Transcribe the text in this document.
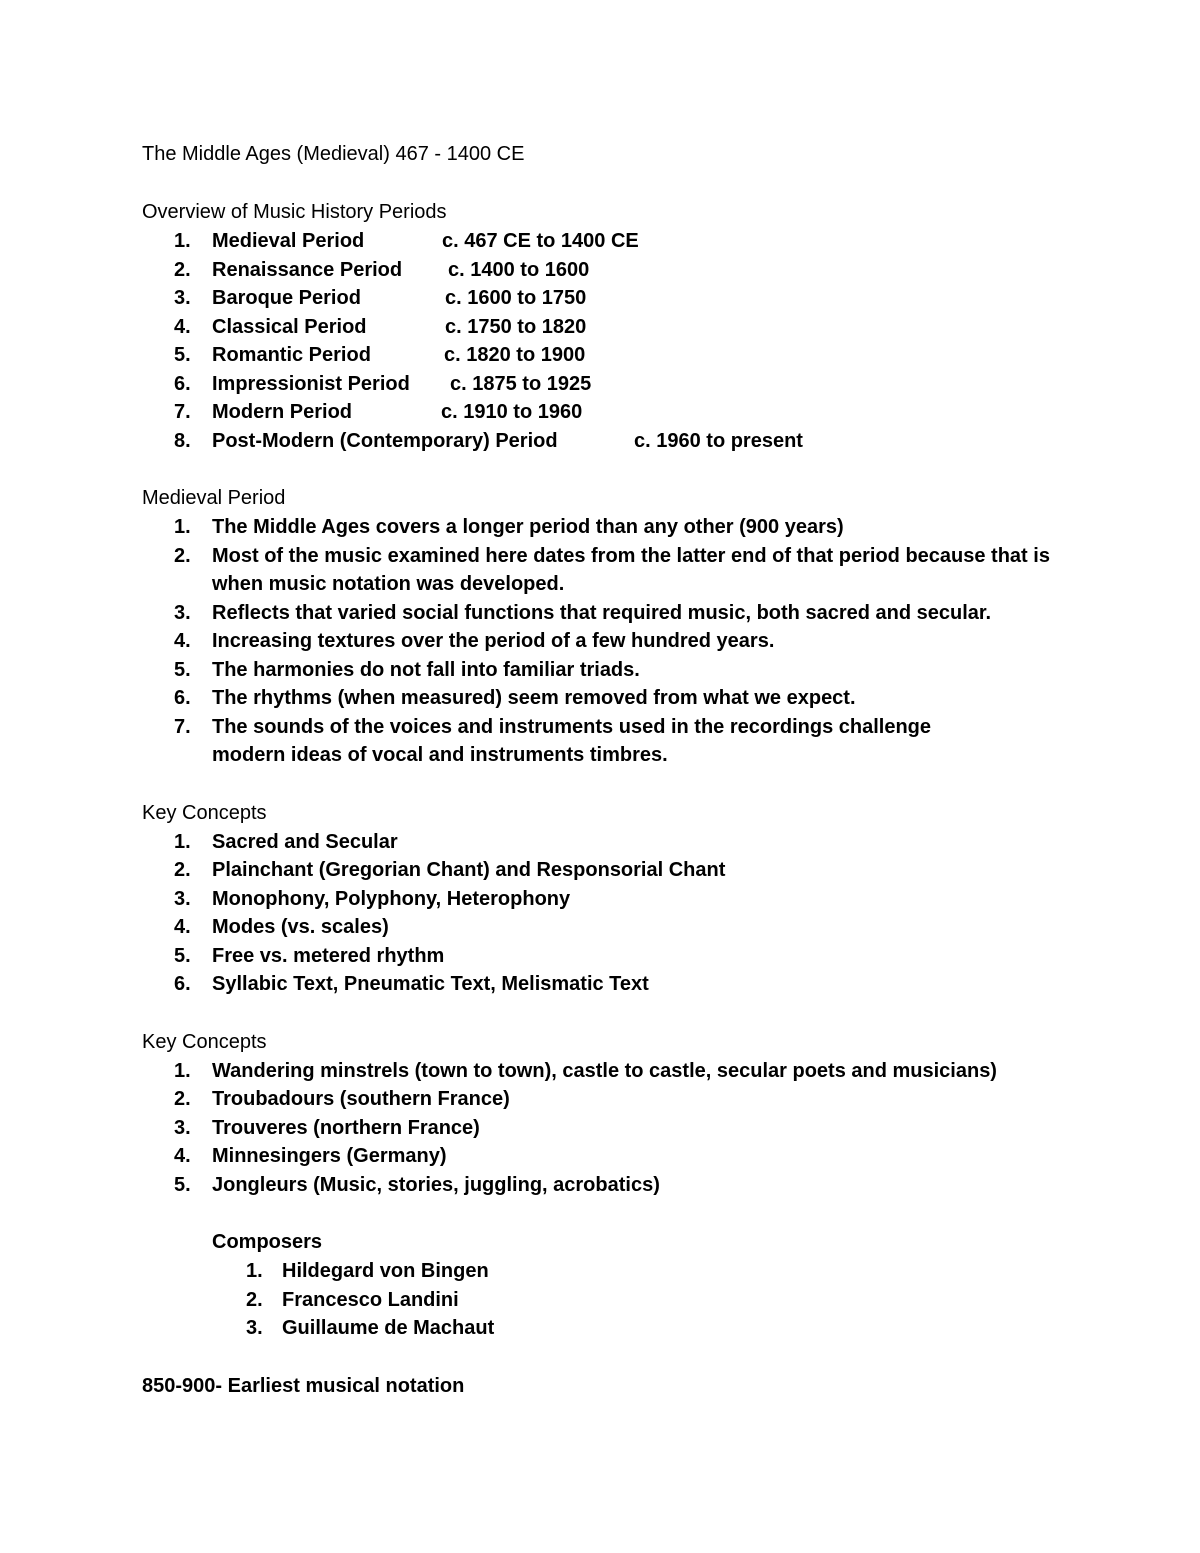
The Middle Ages (Medieval) 467 - 1400 CE
Overview of Music History Periods
1. Medieval Period	c. 467 CE to 1400 CE
2. Renaissance Period c. 1400 to 1600
3. Baroque Period	c. 1600 to 1750
4. Classical Period	c. 1750 to 1820
5. Romantic Period	c. 1820 to 1900
6. Impressionist Period c. 1875 to 1925
7. Modern Period	c. 1910 to 1960
8. Post-Modern (Contemporary) Period	c. 1960 to present
Medieval Period
1. The Middle Ages covers a longer period than any other (900 years)
2. Most of the music examined here dates from the latter end of that period because that is when music notation was developed.
3. Reflects that varied social functions that required music, both sacred and secular.
4. Increasing textures over the period of a few hundred years.
5. The harmonies do not fall into familiar triads.
6. The rhythms (when measured) seem removed from what we expect.
7. The sounds of the voices and instruments used in the recordings challenge modern ideas of vocal and instruments timbres.
Key Concepts
1. Sacred and Secular
2. Plainchant (Gregorian Chant) and Responsorial Chant
3. Monophony, Polyphony, Heterophony
4. Modes (vs. scales)
5. Free vs. metered rhythm
6. Syllabic Text, Pneumatic Text, Melismatic Text
Key Concepts
1. Wandering minstrels (town to town), castle to castle, secular poets and musicians)
2. Troubadours (southern France)
3. Trouveres (northern France)
4. Minnesingers (Germany)
5. Jongleurs (Music, stories, juggling, acrobatics)
Composers
1. Hildegard von Bingen
2. Francesco Landini
3. Guillaume de Machaut
850-900- Earliest musical notation
